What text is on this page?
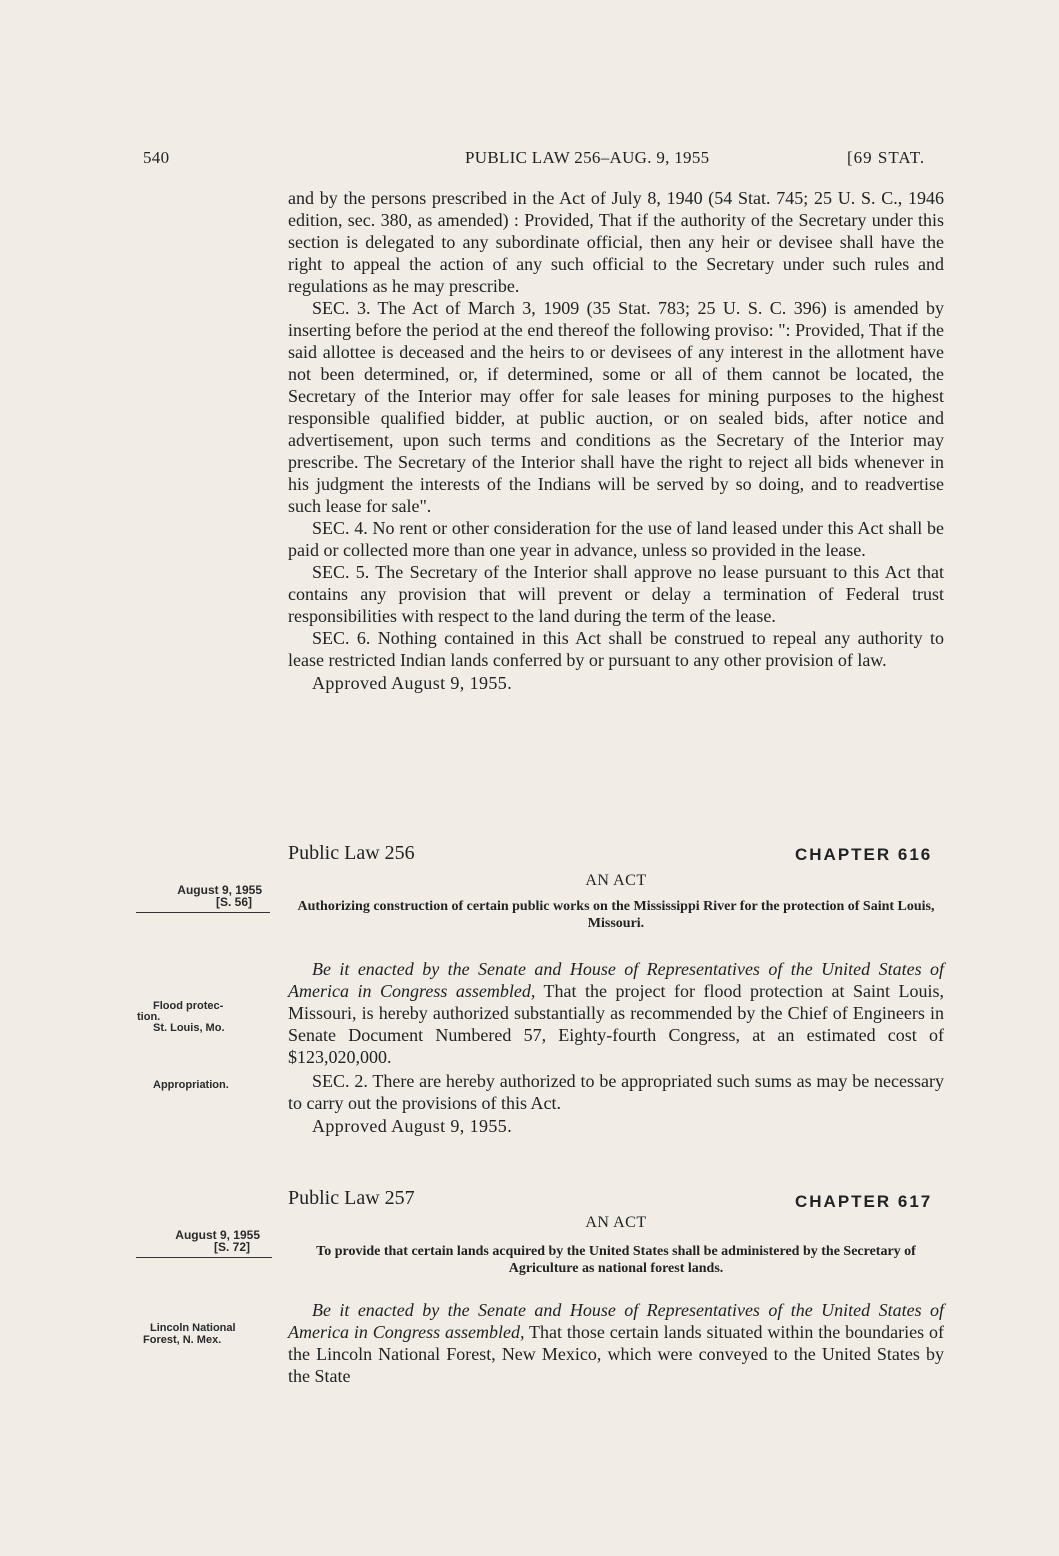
540	PUBLIC LAW 256–AUG. 9, 1955	[69 STAT.

and by the persons prescribed in the Act of July 8, 1940 (54 Stat. 745; 25 U. S. C., 1946 edition, sec. 380, as amended) : Provided, That if the authority of the Secretary under this section is delegated to any subordinate official, then any heir or devisee shall have the right to appeal the action of any such official to the Secretary under such rules and regulations as he may prescribe.

SEC. 3. The Act of March 3, 1909 (35 Stat. 783; 25 U. S. C. 396) is amended by inserting before the period at the end thereof the following proviso: ": Provided, That if the said allottee is deceased and the heirs to or devisees of any interest in the allotment have not been determined, or, if determined, some or all of them cannot be located, the Secretary of the Interior may offer for sale leases for mining purposes to the highest responsible qualified bidder, at public auction, or on sealed bids, after notice and advertisement, upon such terms and conditions as the Secretary of the Interior may prescribe. The Secretary of the Interior shall have the right to reject all bids whenever in his judgment the interests of the Indians will be served by so doing, and to readvertise such lease for sale".

SEC. 4. No rent or other consideration for the use of land leased under this Act shall be paid or collected more than one year in advance, unless so provided in the lease.

SEC. 5. The Secretary of the Interior shall approve no lease pursuant to this Act that contains any provision that will prevent or delay a termination of Federal trust responsibilities with respect to the land during the term of the lease.

SEC. 6. Nothing contained in this Act shall be construed to repeal any authority to lease restricted Indian lands conferred by or pursuant to any other provision of law.

Approved August 9, 1955.
Public Law 256	CHAPTER 616
AN ACT
August 9, 1955
[S. 56]	Authorizing construction of certain public works on the Mississippi River for the protection of Saint Louis, Missouri.

Be it enacted by the Senate and House of Representatives of the United States of America in Congress assembled, That the project for flood protection at Saint Louis, Missouri, is hereby authorized substantially as recommended by the Chief of Engineers in Senate Document Numbered 57, Eighty-fourth Congress, at an estimated cost of $123,020,000.

SEC. 2. There are hereby authorized to be appropriated such sums as may be necessary to carry out the provisions of this Act.

Approved August 9, 1955.
Flood protec-
tion.
St. Louis, Mo.
Appropriation.
Public Law 257	CHAPTER 617
AN ACT
August 9, 1955
[S. 72]	To provide that certain lands acquired by the United States shall be administered by the Secretary of Agriculture as national forest lands.

Be it enacted by the Senate and House of Representatives of the United States of America in Congress assembled, That those certain lands situated within the boundaries of the Lincoln National Forest, New Mexico, which were conveyed to the United States by the State

Lincoln National
Forest, N. Mex.
